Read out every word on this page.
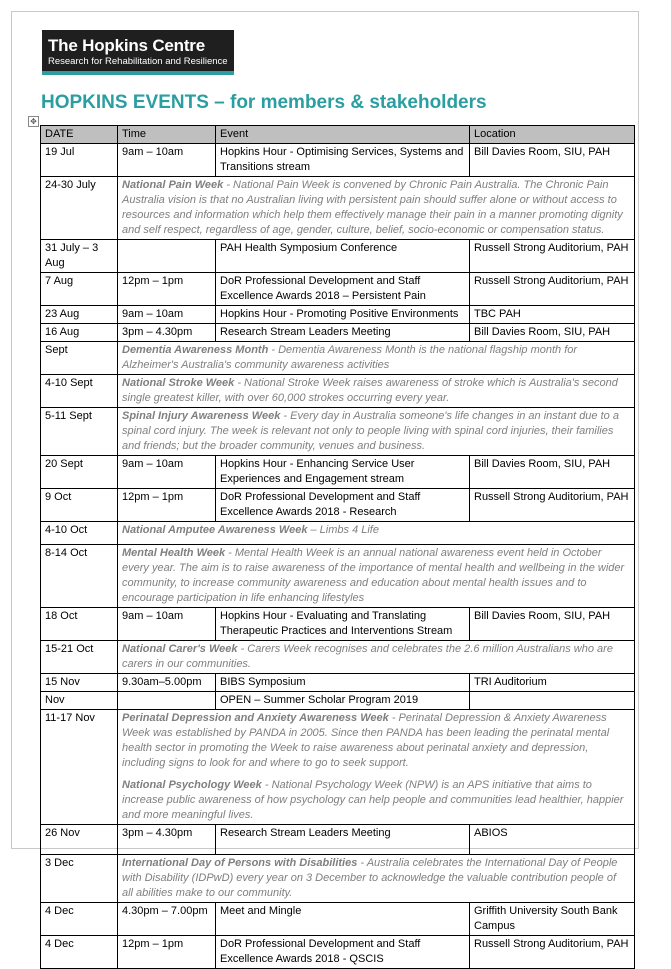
The Hopkins Centre
Research for Rehabilitation and Resilience
HOPKINS EVENTS – for members & stakeholders
✥
DATE	Time	Event	Location
19 Jul	9am – 10am	Hopkins Hour - Optimising Services, Systems and Transitions stream	Bill Davies Room, SIU, PAH
24-30 July	National Pain Week - National Pain Week is convened by Chronic Pain Australia. The Chronic Pain Australia vision is that no Australian living with persistent pain should suffer alone or without access to resources and information which help them effectively manage their pain in a manner promoting dignity and self respect, regardless of age, gender, culture, belief, socio-economic or compensation status.		
31 July – 3 Aug		PAH Health Symposium Conference	Russell Strong Auditorium, PAH
7 Aug	12pm – 1pm	DoR Professional Development and Staff Excellence Awards 2018 – Persistent Pain	Russell Strong Auditorium, PAH
23 Aug	9am – 10am	Hopkins Hour - Promoting Positive Environments	TBC PAH
16 Aug	3pm – 4.30pm	Research Stream Leaders Meeting	Bill Davies Room, SIU, PAH
Sept	Dementia Awareness Month - Dementia Awareness Month is the national flagship month for Alzheimer's Australia's community awareness activities		
4-10 Sept	National Stroke Week - National Stroke Week raises awareness of stroke which is Australia's second single greatest killer, with over 60,000 strokes occurring every year.		
5-11 Sept	Spinal Injury Awareness Week - Every day in Australia someone's life changes in an instant due to a spinal cord injury. The week is relevant not only to people living with spinal cord injuries, their families and friends; but the broader community, venues and business.		
20 Sept	9am – 10am	Hopkins Hour - Enhancing Service User Experiences and Engagement stream	Bill Davies Room, SIU, PAH
9 Oct	12pm – 1pm	DoR Professional Development and Staff Excellence Awards 2018 - Research	Russell Strong Auditorium, PAH
4-10 Oct	National Amputee Awareness Week – Limbs 4 Life		
8-14 Oct	Mental Health Week - Mental Health Week is an annual national awareness event held in October every year. The aim is to raise awareness of the importance of mental health and wellbeing in the wider community, to increase community awareness and education about mental health issues and to encourage participation in life enhancing lifestyles		
18 Oct	9am – 10am	Hopkins Hour - Evaluating and Translating Therapeutic Practices and Interventions Stream	Bill Davies Room, SIU, PAH
15-21 Oct	National Carer's Week - Carers Week recognises and celebrates the 2.6 million Australians who are carers in our communities.		
15 Nov	9.30am–5.00pm	BIBS Symposium	TRI Auditorium
Nov		OPEN – Summer Scholar Program 2019	
11-17 Nov	Perinatal Depression and Anxiety Awareness Week - Perinatal Depression & Anxiety Awareness Week was established by PANDA in 2005. Since then PANDA has been leading the perinatal mental health sector in promoting the Week to raise awareness about perinatal anxiety and depression, including signs to look for and where to go to seek support.
National Psychology Week - National Psychology Week (NPW) is an APS initiative that aims to increase public awareness of how psychology can help people and communities lead healthier, happier and more meaningful lives.		

26 Nov	3pm – 4.30pm	Research Stream Leaders Meeting	ABIOS
3 Dec	International Day of Persons with Disabilities - Australia celebrates the International Day of People with Disability (IDPwD) every year on 3 December to acknowledge the valuable contribution people of all abilities make to our community.		
4 Dec	4.30pm – 7.00pm	Meet and Mingle	Griffith University South Bank Campus
4 Dec	12pm – 1pm	DoR Professional Development and Staff Excellence Awards 2018 - QSCIS	Russell Strong Auditorium, PAH
